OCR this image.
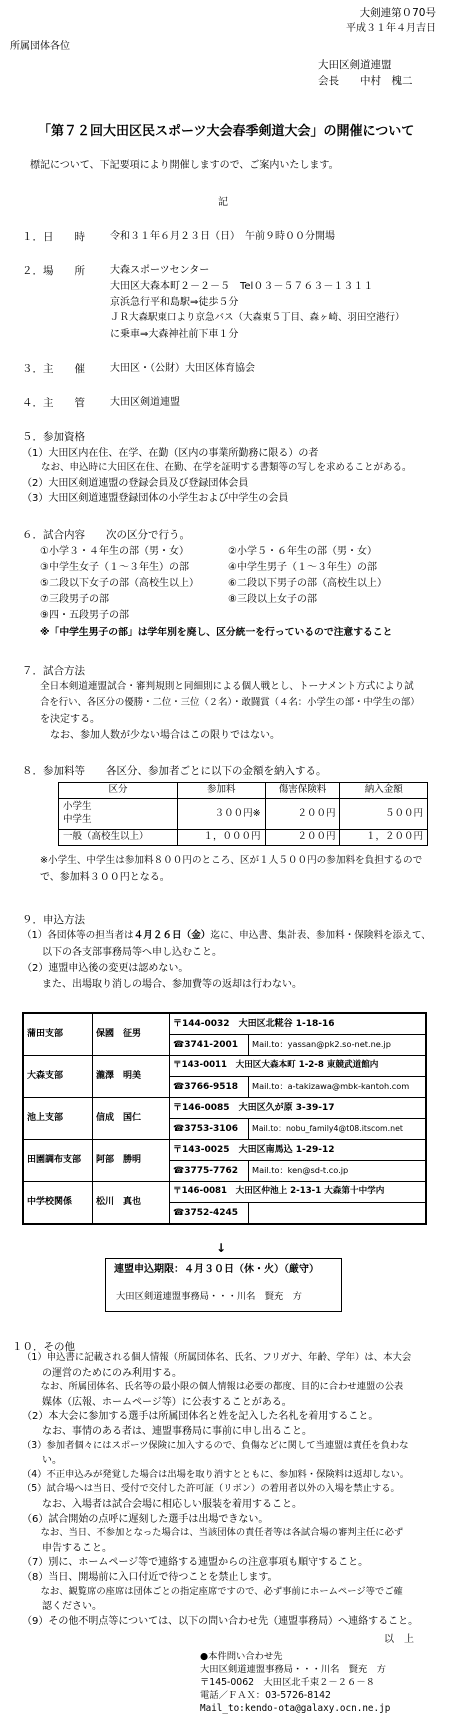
大剣連第０70号
平成３１年４月吉日
所属団体各位
大田区剣道連盟
会長　　中村　槐二
「第７２回大田区民スポーツ大会春季剣道大会」の開催について
標記について、下記要項により開催しますので、ご案内いたします。
記
１．日　　時	令和３１年６月２３日（日）　午前９時００分開場
２．場　　所	大森スポーツセンター
大田区大森本町２－２－５　Tel０３－５７６３－１３１１
京浜急行平和島駅⇒徒歩５分
ＪＲ大森駅東口より京急バス（大森東５丁目、森ヶ崎、羽田空港行）
に乗車⇒大森神社前下車１分
３．主　　催	大田区・（公財）大田区体育協会
４．主　　管	大田区剣道連盟
５．参加資格
（1）大田区内在住、在学、在勤（区内の事業所勤務に限る）の者
　　なお、申込時に大田区在住、在勤、在学を証明する書類等の写しを求めることがある。
（2）大田区剣道連盟の登録会員及び登録団体会員
（3）大田区剣道連盟登録団体の小学生および中学生の会員
６．試合内容　　次の区分で行う。
①小学３・４年生の部（男・女）
③中学生女子（１～３年生）の部
⑤二段以下女子の部（高校生以上）
⑦三段男子の部
⑨四・五段男子の部
②小学５・６年生の部（男・女）
④中学生男子（１～３年生）の部
⑥二段以下男子の部（高校生以上）
⑧三段以上女子の部
※「中学生男子の部」は学年別を廃し、区分統一を行っているので注意すること
７．試合方法
全日本剣道連盟試合・審判規則と同細則による個人戦とし、トーナメント方式により試
合を行い、各区分の優勝・二位・三位（２名）・敢闘賞（４名：小学生の部・中学生の部）
を決定する。
　なお、参加人数が少ない場合はこの限りではない。
８．参加料等　　各区分、参加者ごとに以下の金額を納入する。
区分	参加料	傷害保険料	納入金額
小学生
中学生	３００円※	２００円	５００円
一般（高校生以上）	１，０００円	２００円	１，２００円
※小学生、中学生は参加料８００円のところ、区が１人５００円の参加料を負担するので
で、参加料３００円となる。
９．申込方法
（1）各団体等の担当者は４月２６日（金）迄に、申込書、集計表、参加料・保険料を添えて、
　　以下の各支部事務局等へ申し込むこと。
（2）連盟申込後の変更は認めない。
　　また、出場取り消しの場合、参加費等の返却は行わない。
蒲田支部	保國　征男	〒144-0032　大田区北糀谷 1-18-16	
		☎3741-2001	Mail.to：yassan@pk2.so-net.ne.jp
大森支部	瀧澤　明美	〒143-0011　大田区大森本町 1-2-8 東競武道館内	
		☎3766-9518	Mail.to：a-takizawa@mbk-kantoh.com
池上支部	信成　国仁	〒146-0085　大田区久が原 3-39-17	
		☎3753-3106	Mail.to：nobu_family4@t08.itscom.net
田園調布支部	阿部　勝明	〒143-0025　大田区南馬込 1-29-12	
		☎3775-7762	Mail.to：ken@sd-t.co.jp
中学校関係	松川　真也	〒146-0081　大田区仲池上 2-13-1 大森第十中学内	
		☎3752-4245	
↓
連盟申込期限：４月３０日（休・火）（厳守）
大田区剣道連盟事務局・・・川名　賢充　方
１０．その他
（1）申込書に記載される個人情報（所属団体名、氏名、フリガナ、年齢、学年）は、本大会
　　の運営のためにのみ利用する。
　　なお、所属団体名、氏名等の最小限の個人情報は必要の都度、目的に合わせ連盟の公表
　　媒体（広報、ホームページ等）に公表することがある。
（2）本大会に参加する選手は所属団体名と姓を記入した名札を着用すること。
　　なお、事情のある者は、連盟事務局に事前に申し出ること。
（3）参加者個々にはスポーツ保険に加入するので、負傷などに関して当連盟は責任を負わな
　　い。
（4）不正申込みが発覚した場合は出場を取り消すとともに、参加料・保険料は返却しない。
（5）試合場へは当日、受付で交付した許可証（リボン）の着用者以外の入場を禁止する。
　　なお、入場者は試合会場に相応しい服装を着用すること。
（6）試合開始の点呼に遅刻した選手は出場できない。
　　なお、当日、不参加となった場合は、当該団体の責任者等は各試合場の審判主任に必ず
　　申告すること。
（7）別に、ホームページ等で連絡する連盟からの注意事項も順守すること。
（8）当日、開場前に入口付近で待つことを禁止します。
　　なお、観覧席の座席は団体ごとの指定座席ですので、必ず事前にホームページ等でご確
　　認ください。
（9）その他不明点等については、以下の問い合わせ先（連盟事務局）へ連絡すること。
以　上
●本件問い合わせ先
大田区剣道連盟事務局・・・川名　賢充　方
〒145-0062　大田区北千束２－２６－８
電話／ＦＡＸ：03-5726-8142
Mail_to:kendo-ota@galaxy.ocn.ne.jp
